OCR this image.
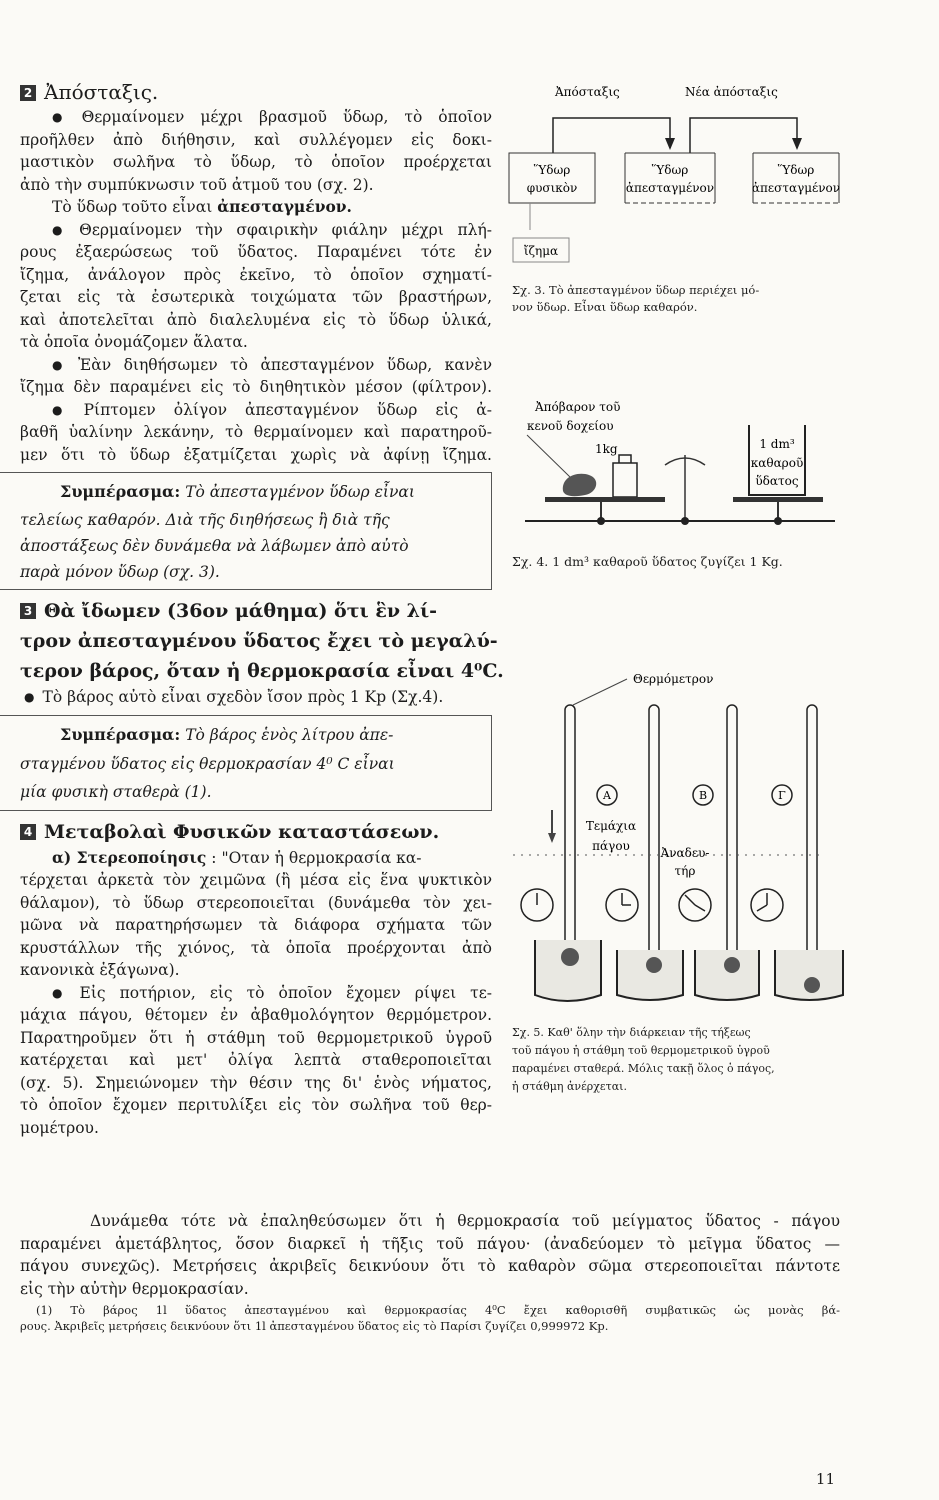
2 Ἀπόσταξις.
● Θερμαίνομεν μέχρι βρασμοῦ ὕδωρ, τὸ ὁποῖον
προῆλθεν ἀπὸ διήθησιν, καὶ συλλέγομεν εἰς δοκι-
μαστικὸν σωλῆνα τὸ ὕδωρ, τὸ ὁποῖον προέρχεται
ἀπὸ τὴν συμπύκνωσιν τοῦ ἀτμοῦ του (σχ. 2).
Τὸ ὕδωρ τοῦτο εἶναι ἀπεσταγμένον.
● Θερμαίνομεν τὴν σφαιρικὴν φιάλην μέχρι πλή-
ρους ἐξαερώσεως τοῦ ὕδατος. Παραμένει τότε ἐν
ἴζημα, ἀνάλογον πρὸς ἐκεῖνο, τὸ ὁποῖον σχηματί-
ζεται εἰς τὰ ἐσωτερικὰ τοιχώματα τῶν βραστήρων,
καὶ ἀποτελεῖται ἀπὸ διαλελυμένα εἰς τὸ ὕδωρ ὑλικά,
τὰ ὁποῖα ὀνομάζομεν ἅλατα.
● Ἐὰν διηθήσωμεν τὸ ἀπεσταγμένον ὕδωρ, κανὲν
ἴζημα δὲν παραμένει εἰς τὸ διηθητικὸν μέσον (φίλτρον).
● Ρίπτομεν ὀλίγον ἀπεσταγμένον ὕδωρ εἰς ἀ-
βαθῆ ὑαλίνην λεκάνην, τὸ θερμαίνομεν καὶ παρατηροῦ-
μεν ὅτι τὸ ὕδωρ ἐξατμίζεται χωρὶς νὰ ἀφίνῃ ἴζημα.
Συμπέρασμα: Τὸ ἀπεσταγμένον ὕδωρ εἶναι
τελείως καθαρόν. Διὰ τῆς διηθήσεως ἢ διὰ τῆς
ἀποστάξεως δὲν δυνάμεθα νὰ λάβωμεν ἀπὸ αὐτὸ
παρὰ μόνον ὕδωρ (σχ. 3).
3 Θὰ ἴδωμεν (36ον μάθημα) ὅτι ἓν λί-
τρον ἀπεσταγμένου ὕδατος ἔχει τὸ μεγαλύ-
τερον βάρος, ὅταν ἡ θερμοκρασία εἶναι 4⁰C.
● Τὸ βάρος αὐτὸ εἶναι σχεδὸν ἴσον πρὸς 1 Kp (Σχ.4).
Συμπέρασμα: Τὸ βάρος ἑνὸς λίτρου ἀπε-
σταγμένου ὕδατος εἰς θερμοκρασίαν 4⁰ C εἶναι
μία φυσικὴ σταθερὰ (1).
4 Μεταβολαὶ Φυσικῶν καταστάσεων.
α) Στερεοποίησις : "Οταν ἡ θερμοκρασία κα-
τέρχεται ἀρκετὰ τὸν χειμῶνα (ἢ μέσα εἰς ἕνα ψυκτικὸν
θάλαμον), τὸ ὕδωρ στερεοποιεῖται (δυνάμεθα τὸν χει-
μῶνα νὰ παρατηρήσωμεν τὰ διάφορα σχήματα τῶν
κρυστάλλων τῆς χιόνος, τὰ ὁποῖα προέρχονται ἀπὸ
κανονικὰ ἑξάγωνα).
● Εἰς ποτήριον, εἰς τὸ ὁποῖον ἔχομεν ρίψει τε-
μάχια πάγου, θέτομεν ἐν ἀβαθμολόγητον θερμόμετρον.
Παρατηροῦμεν ὅτι ἡ στάθμη τοῦ θερμομετρικοῦ ὑγροῦ
κατέρχεται καὶ μετ' ὀλίγα λεπτὰ σταθεροποιεῖται
(σχ. 5). Σημειώνομεν τὴν θέσιν της δι' ἑνὸς νήματος,
τὸ ὁποῖον ἔχομεν περιτυλίξει εἰς τὸν σωλῆνα τοῦ θερ-
μομέτρου.
Δυνάμεθα τότε νὰ ἐπαληθεύσωμεν ὅτι ἡ θερμοκρασία τοῦ μείγματος ὕδατος - πάγου
παραμένει ἀμετάβλητος, ὅσον διαρκεῖ ἡ τῆξις τοῦ πάγου· (ἀναδεύομεν τὸ μεῖγμα ὕδατος —
πάγου συνεχῶς). Μετρήσεις ἀκριβεῖς δεικνύουν ὅτι τὸ καθαρὸν σῶμα στερεοποιεῖται πάντοτε
εἰς τὴν αὐτὴν θερμοκρασίαν.
(1) Τὸ βάρος 1l ὕδατος ἀπεσταγμένου καὶ θερμοκρασίας 4⁰C ἔχει καθορισθῆ συμβατικῶς ὡς μονὰς βά-
ρους. Ἀκριβεῖς μετρήσεις δεικνύουν ὅτι 1l ἀπεσταγμένου ὕδατος εἰς τὸ Παρίσι ζυγίζει 0,999972 Kp.
Ἀπόσταξις	Νέα ἀπόσταξις
Ὕδωρ
φυσικὸν
Ὕδωρ
ἀπεσταγμένον
Ὕδωρ
ἀπεσταγμένον
ἴζημα
Σχ. 3. Τὸ ἀπεσταγμένον ὕδωρ περιέχει μό-
νον ὕδωρ. Εἶναι ὕδωρ καθαρόν.
Ἀπόβαρον τοῦ
κενοῦ δοχείου
1kg	1 dm³
καθαροῦ
ὕδατος
Σχ. 4. 1 dm³ καθαροῦ ὕδατος ζυγίζει 1 Kg.
Θερμόμετρον
A	B	Γ
Τεμάχια
πάγου	Ἀναδευ-
τήρ
Σχ. 5. Καθ' ὅλην τὴν διάρκειαν τῆς τήξεως
τοῦ πάγου ἡ στάθμη τοῦ θερμομετρικοῦ ὑγροῦ
παραμένει σταθερά. Μόλις τακῇ ὅλος ὁ πάγος,
ἡ στάθμη ἀνέρχεται.
11
